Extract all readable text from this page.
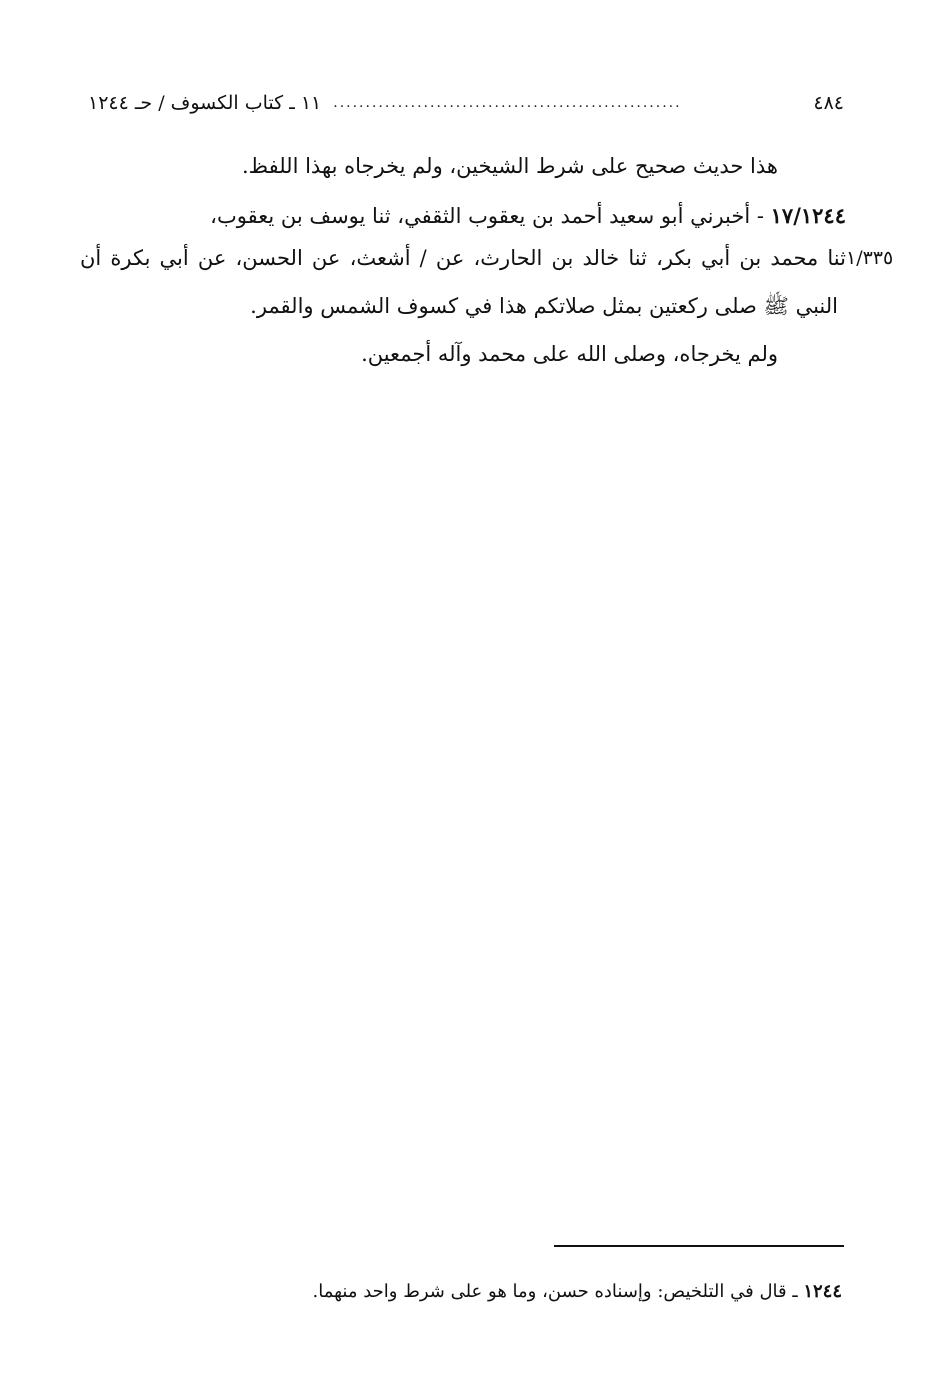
٤٨٤
......................................................
١١ ـ كتاب الكسوف / حـ ١٢٤٤
هذا حديث صحيح على شرط الشيخين، ولم يخرجاه بهذا اللفظ.
١٧/١٢٤٤ - أخبرني أبو سعيد أحمد بن يعقوب الثقفي، ثنا يوسف بن يعقوب،
١/٣٣٥
ثنا محمد بن أبي بكر، ثنا خالد بن الحارث، عن / أشعث، عن الحسن، عن أبي بكرة أن
النبي ﷺ صلى ركعتين بمثل صلاتكم هذا في كسوف الشمس والقمر.
ولم يخرجاه، وصلى الله على محمد وآله أجمعين.
١٢٤٤ ـ قال في التلخيص: وإسناده حسن، وما هو على شرط واحد منهما.
